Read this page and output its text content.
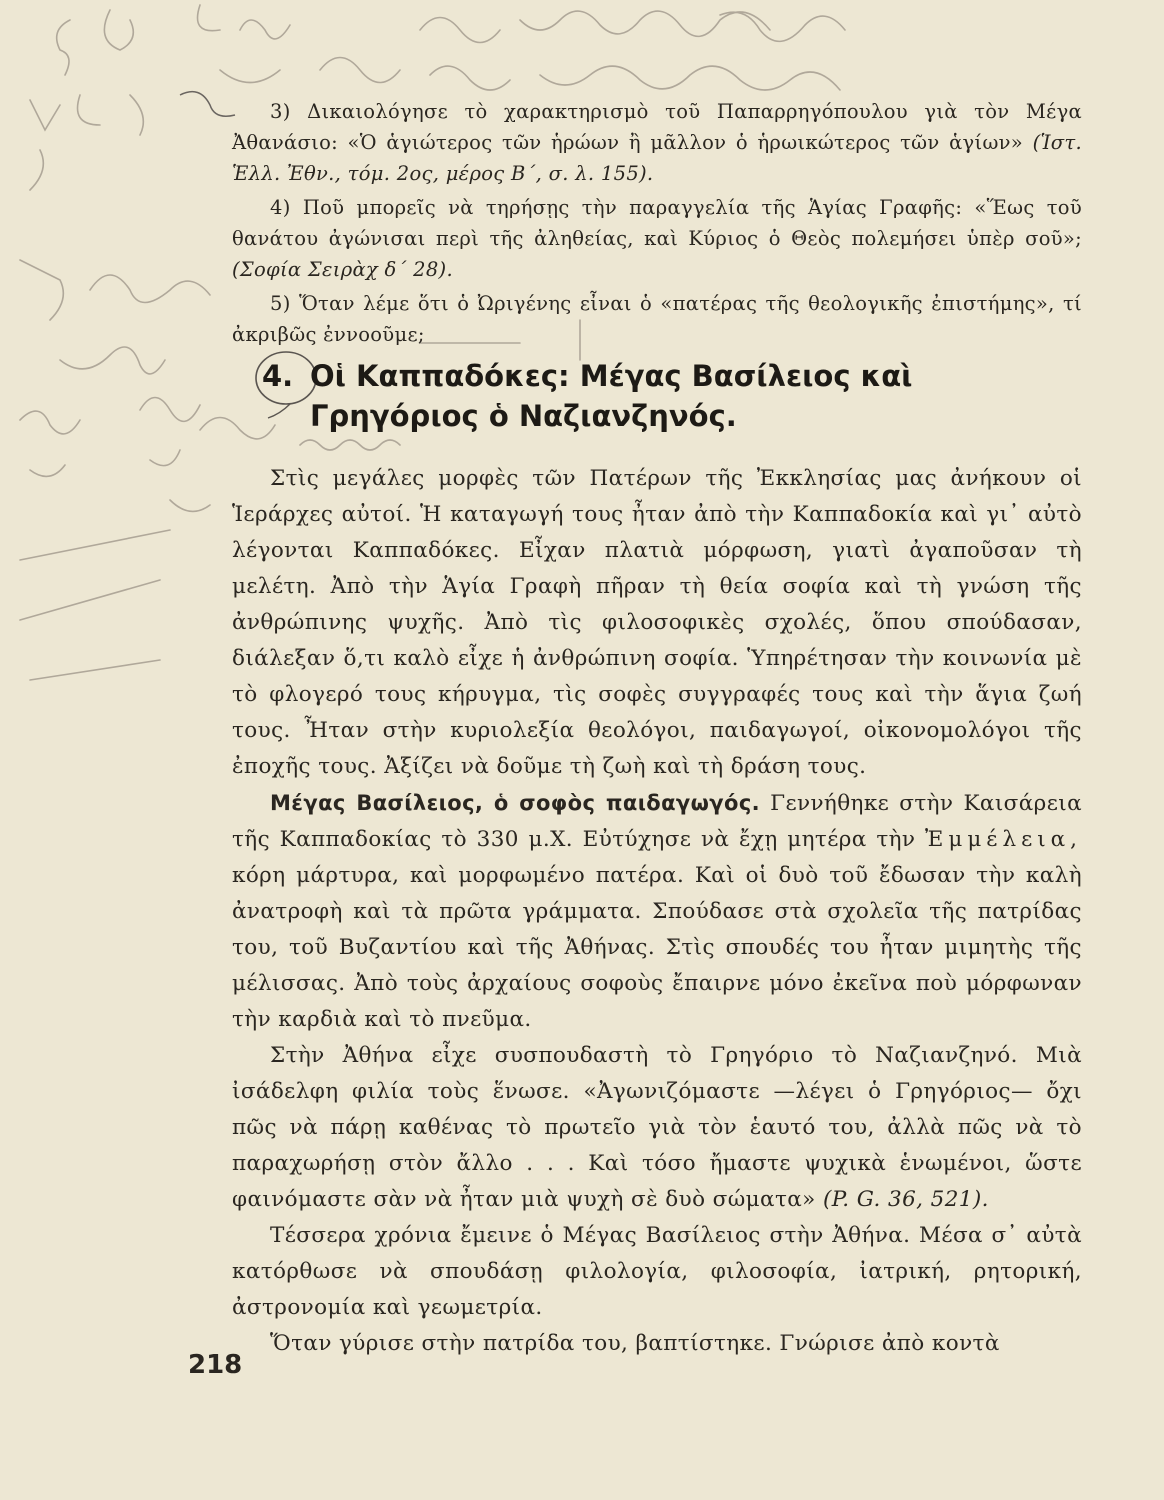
3) Δικαιολόγησε τὸ χαρακτηρισμὸ τοῦ Παπαρρηγόπουλου γιὰ τὸν Μέγα Ἀθανάσιο: «Ὁ ἁγιώτερος τῶν ἡρώων ἢ μᾶλλον ὁ ἡρωικώτερος τῶν ἁγίων» (Ἱστ. Ἑλλ. Ἐθν., τόμ. 2ος, μέρος Β΄, σ. λ. 155).

4) Ποῦ μπορεῖς νὰ τηρήσῃς τὴν παραγγελία τῆς Ἁγίας Γραφῆς: «Ἕως τοῦ θανάτου ἀγώνισαι περὶ τῆς ἀληθείας, καὶ Κύριος ὁ Θεὸς πολεμήσει ὑπὲρ σοῦ»; (Σοφία Σειρὰχ δ΄ 28).

5) Ὅταν λέμε ὅτι ὁ Ὠριγένης εἶναι ὁ «πατέρας τῆς θεολογικῆς ἐπιστήμης», τί ἀκριβῶς ἐννοοῦμε;

4. Οἱ Καππαδόκες: Μέγας Βασίλειος καὶ
Γρηγόριος ὁ Ναζιανζηνός.

Στὶς μεγάλες μορφὲς τῶν Πατέρων τῆς Ἐκκλησίας μας ἀνήκουν οἱ Ἱεράρχες αὐτοί. Ἡ καταγωγή τους ἦταν ἀπὸ τὴν Καππαδοκία καὶ γι᾽ αὐτὸ λέγονται Καππαδόκες. Εἶχαν πλατιὰ μόρφωση, γιατὶ ἀγαποῦσαν τὴ μελέτη. Ἀπὸ τὴν Ἁγία Γραφὴ πῆραν τὴ θεία σοφία καὶ τὴ γνώση τῆς ἀνθρώπινης ψυχῆς. Ἀπὸ τὶς φιλοσοφικὲς σχολές, ὅπου σπούδασαν, διάλεξαν ὅ,τι καλὸ εἶχε ἡ ἀνθρώπινη σοφία. Ὑπηρέτησαν τὴν κοινωνία μὲ τὸ φλογερό τους κήρυγμα, τὶς σοφὲς συγγραφές τους καὶ τὴν ἅγια ζωή τους. Ἦταν στὴν κυριολεξία θεολόγοι, παιδαγωγοί, οἰκονομολόγοι τῆς ἐποχῆς τους. Ἀξίζει νὰ δοῦμε τὴ ζωὴ καὶ τὴ δράση τους.

Μέγας Βασίλειος, ὁ σοφὸς παιδαγωγός. Γεννήθηκε στὴν Καισάρεια τῆς Καππαδοκίας τὸ 330 μ.Χ. Εὐτύχησε νὰ ἔχῃ μητέρα τὴν Ἐμμέλεια, κόρη μάρτυρα, καὶ μορφωμένο πατέρα. Καὶ οἱ δυὸ τοῦ ἔδωσαν τὴν καλὴ ἀνατροφὴ καὶ τὰ πρῶτα γράμματα. Σπούδασε στὰ σχολεῖα τῆς πατρίδας του, τοῦ Βυζαντίου καὶ τῆς Ἀθήνας. Στὶς σπουδές του ἦταν μιμητὴς τῆς μέλισσας. Ἀπὸ τοὺς ἀρχαίους σοφοὺς ἔπαιρνε μόνο ἐκεῖνα ποὺ μόρφωναν τὴν καρδιὰ καὶ τὸ πνεῦμα.

Στὴν Ἀθήνα εἶχε συσπουδαστὴ τὸ Γρηγόριο τὸ Ναζιανζηνό. Μιὰ ἰσάδελφη φιλία τοὺς ἕνωσε. «Ἀγωνιζόμαστε —λέγει ὁ Γρηγόριος— ὄχι πῶς νὰ πάρῃ καθένας τὸ πρωτεῖο γιὰ τὸν ἑαυτό του, ἀλλὰ πῶς νὰ τὸ παραχωρήσῃ στὸν ἄλλο . . . Καὶ τόσο ἤμαστε ψυχικὰ ἑνωμένοι, ὥστε φαινόμαστε σὰν νὰ ἦταν μιὰ ψυχὴ σὲ δυὸ σώματα» (P. G. 36, 521).

Τέσσερα χρόνια ἔμεινε ὁ Μέγας Βασίλειος στὴν Ἀθήνα. Μέσα σ᾽ αὐτὰ κατόρθωσε νὰ σπουδάσῃ φιλολογία, φιλοσοφία, ἰατρική, ρητορική, ἀστρονομία καὶ γεωμετρία.

Ὅταν γύρισε στὴν πατρίδα του, βαπτίστηκε. Γνώρισε ἀπὸ κοντὰ

218
